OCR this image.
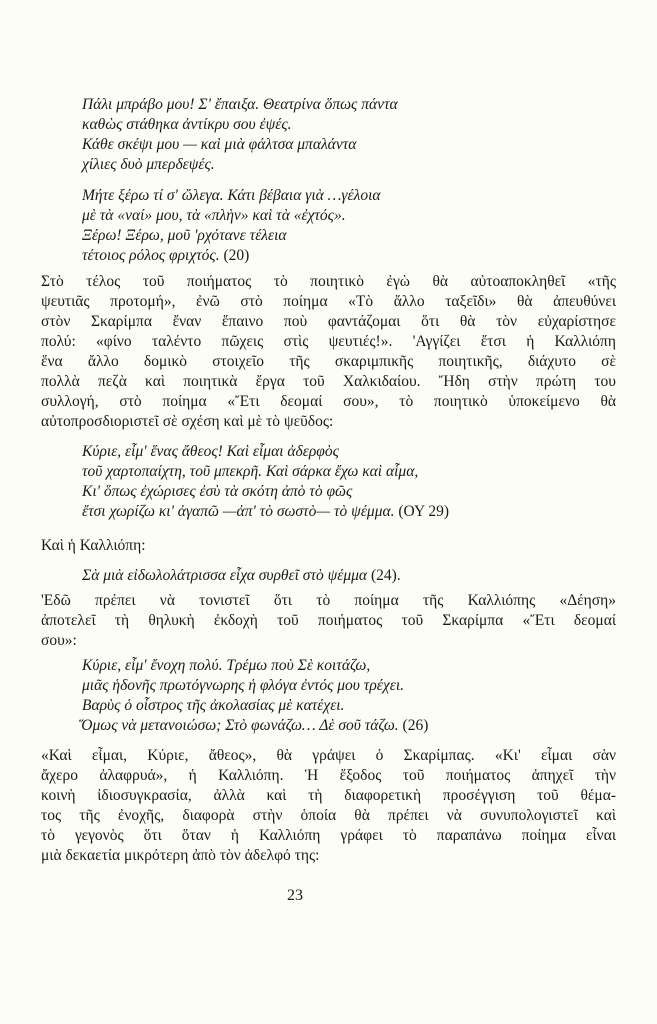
Πάλι μπράβο μου! Σ' ἔπαιξα. Θεατρίνα ὅπως πάντα
καθὼς στάθηκα ἀντίκρυ σου ἐψές.
Κάθε σκέψι μου — καὶ μιὰ φάλτσα μπαλάντα
χίλιες δυὸ μπερδεψές.
Μήτε ξέρω τί σ' ὤλεγα. Κάτι βέβαια γιὰ …γέλοια
μὲ τὰ «ναί» μου, τὰ «πλὴν» καὶ τὰ «ἐχτός».
Ξέρω! Ξέρω, μοῦ 'ρχότανε τέλεια
τέτοιος ρόλος φριχτός. (20)
Στὸ τέλος τοῦ ποιήματος τὸ ποιητικὸ ἐγὼ θὰ αὐτοαποκληθεῖ «τῆς
ψευτιᾶς προτομή», ἐνῶ στὸ ποίημα «Τὸ ἄλλο ταξεῖδι» θὰ ἀπευθύνει
στὸν Σκαρίμπα ἔναν ἔπαινο ποὺ φαντάζομαι ὅτι θὰ τὸν εὐχαρίστησε
πολύ: «φίνο ταλέντο πῶχεις στὶς ψευτιές!». 'Αγγίζει ἔτσι ἡ Καλλιόπη
ἕνα ἄλλο δομικὸ στοιχεῖο τῆς σκαριμπικῆς ποιητικῆς, διάχυτο σὲ
πολλὰ πεζὰ καὶ ποιητικὰ ἔργα τοῦ Χαλκιδαίου. Ἤδη στὴν πρώτη του
συλλογή, στὸ ποίημα «Ἔτι δεομαί σου», τὸ ποιητικὸ ὑποκείμενο θὰ
αὐτοπροσδιοριστεῖ σὲ σχέση καὶ μὲ τὸ ψεῦδος:
Κύριε, εἶμ' ἕνας ἄθεος! Καὶ εἶμαι ἀδερφὸς
τοῦ χαρτοπαίχτη, τοῦ μπεκρῆ. Καὶ σάρκα ἔχω καὶ αἷμα,
Κι' ὅπως ἐχώρισες ἐσὺ τὰ σκότη ἀπὸ τὸ φῶς
ἔτσι χωρίζω κι' ἀγαπῶ —ἀπ' τὸ σωστὸ— τὸ ψέμμα. (ΟΥ 29)
Καὶ ἡ Καλλιόπη:
Σὰ μιὰ εἰδωλολάτρισσα εἶχα συρθεῖ στὸ ψέμμα (24).
'Εδῶ πρέπει νὰ τονιστεῖ ὅτι τὸ ποίημα τῆς Καλλιόπης «Δέηση»
ἀποτελεῖ τὴ θηλυκὴ ἐκδοχὴ τοῦ ποιήματος τοῦ Σκαρίμπα «Ἔτι δεομαί
σου»:
Κύριε, εἶμ' ἔνοχη πολύ. Τρέμω ποὺ Σὲ κοιτάζω,
μιᾶς ἡδονῆς πρωτόγνωρης ἡ φλόγα ἐντός μου τρέχει.
Βαρὺς ὁ οἶστρος τῆς ἀκολασίας μὲ κατέχει.
Ὅμως νὰ μετανοιώσω; Στὸ φωνάζω… Δὲ σοῦ τάζω. (26)
«Καὶ εἶμαι, Κύριε, ἄθεος», θὰ γράψει ὁ Σκαρίμπας. «Κι' εἶμαι σὰν
ἄχερο ἀλαφρυά», ἡ Καλλιόπη. Ἡ ἔξοδος τοῦ ποιήματος ἀπηχεῖ τὴν
κοινὴ ἰδιοσυγκρασία, ἀλλὰ καὶ τὴ διαφορετικὴ προσέγγιση τοῦ θέμα-
τος τῆς ἐνοχῆς, διαφορὰ στὴν ὁποία θὰ πρέπει νὰ συνυπολογιστεῖ καὶ
τὸ γεγονὸς ὅτι ὅταν ἡ Καλλιόπη γράφει τὸ παραπάνω ποίημα εἶναι
μιὰ δεκαετία μικρότερη ἀπὸ τὸν ἀδελφό της:
23
